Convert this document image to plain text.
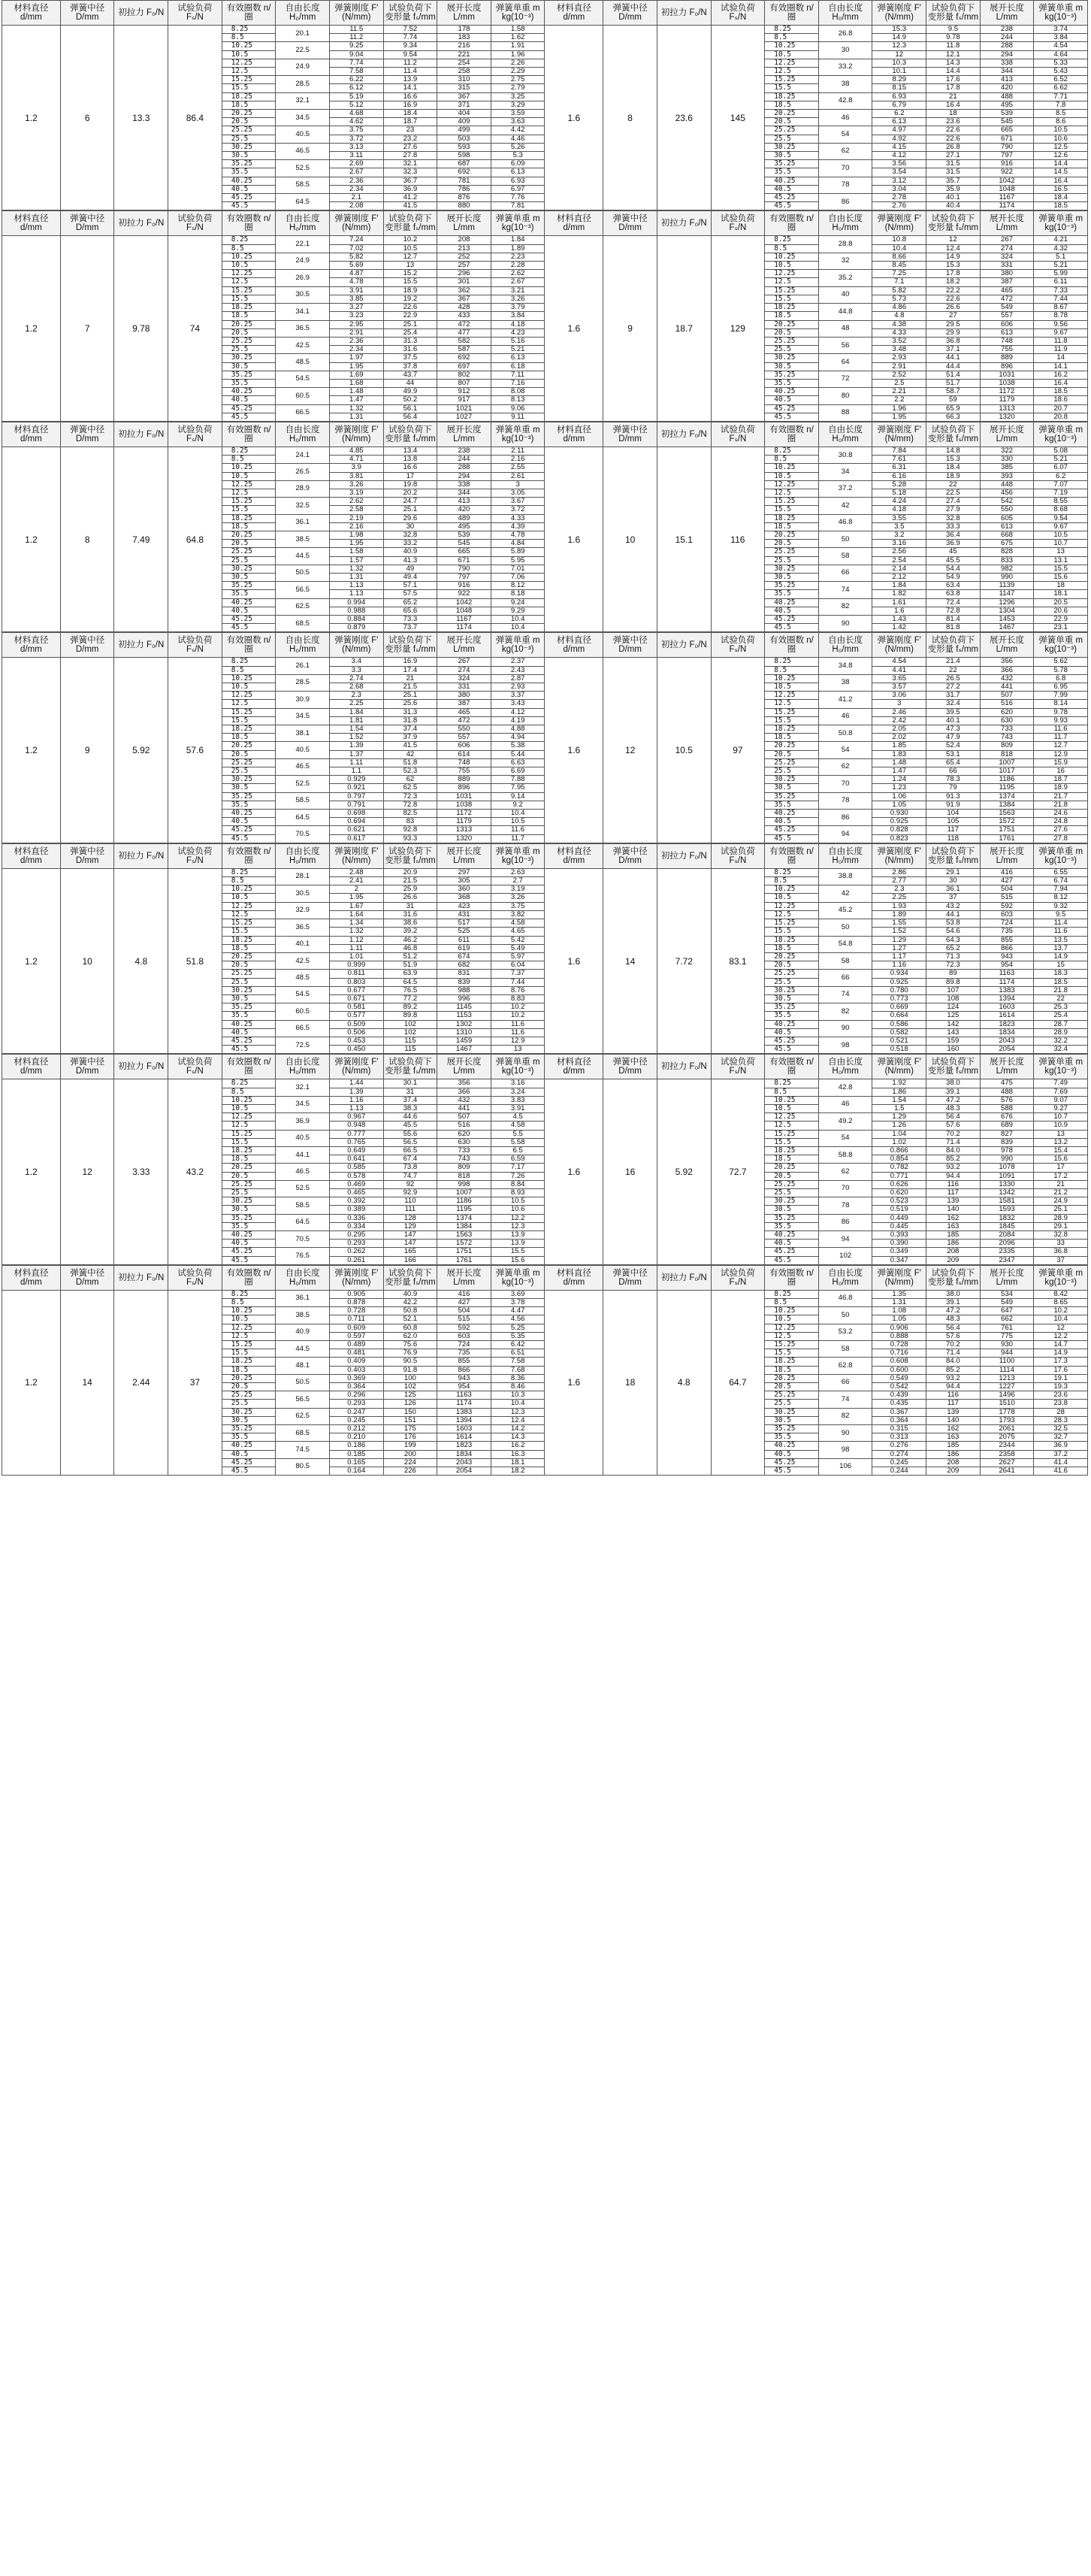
材料直径 d/mm	弹簧中径 D/mm	初拉力 F₀/N	试验负荷 Fₛ/N	有效圈数 n/圈	自由长度 H₀/mm	弹簧刚度 F′(N/mm)	试验负荷下变形量 fₛ/mm	展开长度 L/mm	弹簧单重 m kg(10⁻³)	材料直径 d/mm	弹簧中径 D/mm	初拉力 F₀/N	试验负荷 Fₛ/N	有效圈数 n/圈	自由长度 H₀/mm	弹簧刚度 F′(N/mm)	试验负荷下变形量 fₛ/mm	展开长度 L/mm	弹簧单重 m kg(10⁻³)
1.2	6	13.3	86.4	8.25	20.1	11.5	7.52	178	1.58	1.6	8	23.6	145	8.25	26.8	15.3	9.5	238	3.74
				8.5		11.2	7.74	183	1.62					8.5		14.9	9.78	244	3.84
				10.25	22.5	9.25	9.34	216	1.91					10.25	30	12.3	11.8	288	4.54
				10.5		9.04	9.54	221	1.96					10.5		12	12.1	294	4.64
				12.25	24.9	7.74	11.2	254	2.26					12.25	33.2	10.3	14.3	338	5.33
				12.5		7.58	11.4	258	2.29					12.5		10.1	14.4	344	5.43
				15.25	28.5	6.22	13.9	310	2.75					15.25	38	8.29	17.6	413	6.52
				15.5		6.12	14.1	315	2.79					15.5		8.15	17.8	420	6.62
				18.25	32.1	5.19	16.6	367	3.25					18.25	42.8	6.93	21	488	7.71
				18.5		5.12	16.9	371	3.29					18.5		6.79	16.4	495	7.8
				20.25	34.5	4.68	18.4	404	3.59					20.25	46	6.2	18	539	8.5
				20.5		4.62	18.7	409	3.63					20.5		6.13	23.6	545	8.6
				25.25	40.5	3.75	23	499	4.42					25.25	54	4.97	22.6	665	10.5
				25.5		3.72	23.2	503	4.46					25.5		4.92	22.6	671	10.6
				30.25	46.5	3.13	27.6	593	5.26					30.25	62	4.15	26.8	790	12.5
				30.5		3.11	27.8	598	5.3					30.5		4.12	27.1	797	12.6
				35.25	52.5	2.69	32.1	687	6.09					35.25	70	3.56	31.5	916	14.4
				35.5		2.67	32.3	692	6.13					35.5		3.54	31.5	922	14.5
				40.25	58.5	2.36	36.7	781	6.93					40.25	78	3.12	35.7	1042	16.4
				40.5		2.34	36.9	786	6.97					40.5		3.04	35.9	1048	16.5
				45.25	64.5	2.1	41.2	876	7.76					45.25	86	2.78	40.1	1167	18.4
				45.5		2.08	41.5	880	7.81					45.5		2.76	40.4	1174	18.5
材料直径 d/mm	弹簧中径 D/mm	初拉力 F₀/N	试验负荷 Fₛ/N	有效圈数 n/圈	自由长度 H₀/mm	弹簧刚度 F′(N/mm)	试验负荷下变形量 fₛ/mm	展开长度 L/mm	弹簧单重 m kg(10⁻³)	材料直径 d/mm	弹簧中径 D/mm	初拉力 F₀/N	试验负荷 Fₛ/N	有效圈数 n/圈	自由长度 H₀/mm	弹簧刚度 F′(N/mm)	试验负荷下变形量 fₛ/mm	展开长度 L/mm	弹簧单重 m kg(10⁻³)
1.2	7	9.78	74	8.25	22.1	7.24	10.2	208	1.84	1.6	9	18.7	129	8.25	28.8	10.8	12	267	4.21
				8.5		7.02	10.5	213	1.89					8.5		10.4	12.4	274	4.32
				10.25	24.9	5.82	12.7	252	2.23					10.25	32	8.66	14.9	324	5.1
				10.5		5.69	13	257	2.28					10.5		8.45	15.3	331	5.21
				12.25	26.9	4.87	15.2	296	2.62					12.25	35.2	7.25	17.8	380	5.99
				12.5		4.78	15.5	301	2.67					12.5		7.1	18.2	387	6.11
				15.25	30.5	3.91	18.9	362	3.21					15.25	40	5.82	22.2	465	7.33
				15.5		3.85	19.2	367	3.26					15.5		5.73	22.6	472	7.44
				18.25	34.1	3.27	22.6	428	3.79					18.25	44.8	4.86	26.6	549	8.67
				18.5		3.23	22.9	433	3.84					18.5		4.8	27	557	8.78
				20.25	36.5	2.95	25.1	472	4.18					20.25	48	4.38	29.5	606	9.56
				20.5		2.91	25.4	477	4.23					20.5		4.33	29.9	613	9.67
				25.25	42.5	2.36	31.3	582	5.16					25.25	56	3.52	36.8	748	11.8
				25.5		2.34	31.6	587	5.21					25.5		3.48	37.1	755	11.9
				30.25	48.5	1.97	37.5	692	6.13					30.25	64	2.93	44.1	889	14
				30.5		1.95	37.8	697	6.18					30.5		2.91	44.4	896	14.1
				35.25	54.5	1.69	43.7	802	7.11					35.25	72	2.52	51.4	1031	16.2
				35.5		1.68	44	807	7.16					35.5		2.5	51.7	1038	16.4
				40.25	60.5	1.48	49.9	912	8.08					40.25	80	2.21	58.7	1172	18.5
				40.5		1.47	50.2	917	8.13					40.5		2.2	59	1179	18.6
				45.25	66.5	1.32	56.1	1021	9.06					45.25	88	1.96	65.9	1313	20.7
				45.5		1.31	56.4	1027	9.11					45.5		1.95	66.3	1320	20.8
材料直径 d/mm	弹簧中径 D/mm	初拉力 F₀/N	试验负荷 Fₛ/N	有效圈数 n/圈	自由长度 H₀/mm	弹簧刚度 F′(N/mm)	试验负荷下变形量 fₛ/mm	展开长度 L/mm	弹簧单重 m kg(10⁻³)	材料直径 d/mm	弹簧中径 D/mm	初拉力 F₀/N	试验负荷 Fₛ/N	有效圈数 n/圈	自由长度 H₀/mm	弹簧刚度 F′(N/mm)	试验负荷下变形量 fₛ/mm	展开长度 L/mm	弹簧单重 m kg(10⁻³)
1.2	8	7.49	64.8	8.25	24.1	4.85	13.4	238	2.11	1.6	10	15.1	116	8.25	30.8	7.84	14.8	322	5.08
				8.5		4.71	13.8	244	2.16					8.5		7.61	15.3	330	5.21
				10.25	26.5	3.9	16.6	288	2.55					10.25	34	6.31	18.4	385	6.07
				10.5		3.81	17	294	2.61					10.5		6.16	18.9	393	6.2
				12.25	28.9	3.26	19.8	338	3					12.25	37.2	5.28	22	448	7.07
				12.5		3.19	20.2	344	3.05					12.5		5.18	22.5	456	7.19
				15.25	32.5	2.62	24.7	413	3.67					15.25	42	4.24	27.4	542	8.55
				15.5		2.58	25.1	420	3.72					15.5		4.18	27.9	550	8.68
				18.25	36.1	2.19	29.6	489	4.33					18.25	46.8	3.55	32.8	605	9.54
				18.5		2.16	30	495	4.39					18.5		3.5	33.3	613	9.67
				20.25	38.5	1.98	32.8	539	4.78					20.25	50	3.2	36.4	668	10.5
				20.5		1.95	33.2	545	4.84					20.5		3.16	36.9	675	10.7
				25.25	44.5	1.58	40.9	665	5.89					25.25	58	2.56	45	828	13
				25.5		1.57	41.3	671	5.95					25.5		2.54	45.5	833	13.1
				30.25	50.5	1.32	49	790	7.01					30.25	66	2.14	54.4	982	15.5
				30.5		1.31	49.4	797	7.06					30.5		2.12	54.9	990	15.6
				35.25	56.5	1.13	57.1	916	8.12					35.25	74	1.84	63.4	1139	18
				35.5		1.13	57.5	922	8.18					35.5		1.82	63.8	1147	18.1
				40.25	62.5	0.994	65.2	1042	9.24					40.25	82	1.61	72.4	1296	20.5
				40.5		0.988	65.6	1048	9.29					40.5		1.6	72.8	1304	20.6
				45.25	68.5	0.884	73.3	1167	10.4					45.25	90	1.43	81.4	1453	22.9
				45.5		0.879	73.7	1174	10.4					45.5		1.42	81.8	1467	23.1
材料直径 d/mm	弹簧中径 D/mm	初拉力 F₀/N	试验负荷 Fₛ/N	有效圈数 n/圈	自由长度 H₀/mm	弹簧刚度 F′(N/mm)	试验负荷下变形量 fₛ/mm	展开长度 L/mm	弹簧单重 m kg(10⁻³)	材料直径 d/mm	弹簧中径 D/mm	初拉力 F₀/N	试验负荷 Fₛ/N	有效圈数 n/圈	自由长度 H₀/mm	弹簧刚度 F′(N/mm)	试验负荷下变形量 fₛ/mm	展开长度 L/mm	弹簧单重 m kg(10⁻³)
1.2	9	5.92	57.6	8.25	26.1	3.4	16.9	267	2.37	1.6	12	10.5	97	8.25	34.8	4.54	21.4	356	5.62
				8.5		3.3	17.4	274	2.43					8.5		4.41	22	366	5.78
				10.25	28.5	2.74	21	324	2.87					10.25	38	3.65	26.5	432	6.8
				10.5		2.68	21.5	331	2.93					10.5		3.57	27.2	441	6.95
				12.25	30.9	2.3	25.1	380	3.37					12.25	41.2	3.06	31.7	507	7.99
				12.5		2.25	25.6	387	3.43					12.5		3	32.4	516	8.14
				15.25	34.5	1.84	31.3	465	4.12					15.25	46	2.46	39.5	620	9.78
				15.5		1.81	31.8	472	4.19					15.5		2.42	40.1	630	9.93
				18.25	38.1	1.54	37.4	550	4.88					18.25	50.8	2.05	47.3	733	11.6
				18.5		1.52	37.9	557	4.94					18.5		2.02	47.9	743	11.7
				20.25	40.5	1.39	41.5	606	5.38					20.25	54	1.85	52.4	809	12.7
				20.5		1.37	42	614	5.44					20.5		1.83	53.1	818	12.9
				25.25	46.5	1.11	51.8	748	6.63					25.25	62	1.48	65.4	1007	15.9
				25.5		1.1	52.3	755	6.69					25.5		1.47	66	1017	16
				30.25	52.5	0.929	62	889	7.88					30.25	70	1.24	78.3	1186	18.7
				30.5		0.921	62.5	896	7.95					30.5		1.23	79	1195	18.9
				35.25	58.5	0.797	72.3	1031	9.14					35.25	78	1.06	91.3	1374	21.7
				35.5		0.791	72.8	1038	9.2					35.5		1.05	91.9	1384	21.8
				40.25	64.5	0.698	82.5	1172	10.4					40.25	86	0.930	104	1563	24.6
				40.5		0.694	83	1179	10.5					40.5		0.925	105	1572	24.8
				45.25	70.5	0.621	92.8	1313	11.6					45.25	94	0.828	117	1751	27.6
				45.5		0.617	93.3	1320	11.7					45.5		0.823	118	1761	27.8
材料直径 d/mm	弹簧中径 D/mm	初拉力 F₀/N	试验负荷 Fₛ/N	有效圈数 n/圈	自由长度 H₀/mm	弹簧刚度 F′(N/mm)	试验负荷下变形量 fₛ/mm	展开长度 L/mm	弹簧单重 m kg(10⁻³)	材料直径 d/mm	弹簧中径 D/mm	初拉力 F₀/N	试验负荷 Fₛ/N	有效圈数 n/圈	自由长度 H₀/mm	弹簧刚度 F′(N/mm)	试验负荷下变形量 fₛ/mm	展开长度 L/mm	弹簧单重 m kg(10⁻³)
1.2	10	4.8	51.8	8.25	28.1	2.48	20.9	297	2.63	1.6	14	7.72	83.1	8.25	38.8	2.86	29.1	416	6.55
				8.5		2.41	21.5	305	2.7					8.5		2.77	30	427	6.74
				10.25	30.5	2	25.9	360	3.19					10.25	42	2.3	36.1	504	7.94
				10.5		1.95	26.6	368	3.26					10.5		2.25	37	515	8.12
				12.25	32.9	1.67	31	423	3.75					12.25	45.2	1.93	43.2	592	9.32
				12.5		1.64	31.6	431	3.82					12.5		1.89	44.1	603	9.5
				15.25	36.5	1.34	38.6	517	4.58					15.25	50	1.55	53.8	724	11.4
				15.5		1.32	39.2	525	4.65					15.5		1.52	54.6	735	11.6
				18.25	40.1	1.12	46.2	611	5.42					18.25	54.8	1.29	64.3	855	13.5
				18.5		1.11	46.8	619	5.49					18.5		1.27	65.2	866	13.7
				20.25	42.5	1.01	51.2	674	5.97					20.25	58	1.17	71.3	943	14.9
				20.5		0.999	51.9	682	6.04					20.5		1.16	72.3	954	15
				25.25	48.5	0.811	63.9	831	7.37					25.25	66	0.934	89	1163	18.3
				25.5		0.803	64.5	839	7.44					25.5		0.925	89.8	1174	18.5
				30.25	54.5	0.677	76.5	988	8.76					30.25	74	0.780	107	1383	21.8
				30.5		0.671	77.2	996	8.83					30.5		0.773	108	1394	22
				35.25	60.5	0.581	89.2	1145	10.2					35.25	82	0.669	124	1603	25.3
				35.5		0.577	89.8	1153	10.2					35.5		0.664	125	1614	25.4
				40.25	66.5	0.509	102	1302	11.6					40.25	90	0.586	142	1823	28.7
				40.5		0.506	102	1310	11.6					40.5		0.582	143	1834	28.9
				45.25	72.5	0.453	115	1459	12.9					45.25	98	0.521	159	2043	32.2
				45.5		0.450	115	1467	13					45.5		0.518	160	2054	32.4
材料直径 d/mm	弹簧中径 D/mm	初拉力 F₀/N	试验负荷 Fₛ/N	有效圈数 n/圈	自由长度 H₀/mm	弹簧刚度 F′(N/mm)	试验负荷下变形量 fₛ/mm	展开长度 L/mm	弹簧单重 m kg(10⁻³)	材料直径 d/mm	弹簧中径 D/mm	初拉力 F₀/N	试验负荷 Fₛ/N	有效圈数 n/圈	自由长度 H₀/mm	弹簧刚度 F′(N/mm)	试验负荷下变形量 fₛ/mm	展开长度 L/mm	弹簧单重 m kg(10⁻³)
1.2	12	3.33	43.2	8.25	32.1	1.44	30.1	356	3.16	1.6	16	5.92	72.7	8.25	42.8	1.92	38.0	475	7.49
				8.5		1.39	31	366	3.24					8.5		1.86	39.1	488	7.69
				10.25	34.5	1.16	37.4	432	3.83					10.25	46	1.54	47.2	576	9.07
				10.5		1.13	38.3	441	3.91					10.5		1.5	48.3	588	9.27
				12.25	36.9	0.967	44.6	507	4.5					12.25	49.2	1.29	56.4	676	10.7
				12.5		0.948	45.5	516	4.58					12.5		1.26	57.6	689	10.9
				15.25	40.5	0.777	55.6	620	5.5					15.25	54	1.04	70.2	827	13
				15.5		0.765	56.5	630	5.58					15.5		1.02	71.4	839	13.2
				18.25	44.1	0.649	66.5	733	6.5					18.25	58.8	0.866	84.0	978	15.4
				18.5		0.641	67.4	743	6.59					18.5		0.854	85.2	990	15.6
				20.25	46.5	0.585	73.8	809	7.17					20.25	62	0.782	93.2	1078	17
				20.5		0.578	74.7	818	7.26					20.5		0.771	94.4	1091	17.2
				25.25	52.5	0.469	92	998	8.84					25.25	70	0.626	116	1330	21
				25.5		0.465	92.9	1007	8.93					25.5		0.620	117	1342	21.2
				30.25	58.5	0.392	110	1186	10.5					30.25	78	0.523	139	1581	24.9
				30.5		0.389	111	1195	10.6					30.5		0.519	140	1593	25.1
				35.25	64.5	0.336	128	1374	12.2					35.25	86	0.449	162	1832	28.9
				35.5		0.334	129	1384	12.3					35.5		0.445	163	1845	29.1
				40.25	70.5	0.295	147	1563	13.9					40.25	94	0.393	185	2084	32.8
				40.5		0.293	147	1572	13.9					40.5		0.390	186	2096	33
				45.25	76.5	0.262	165	1751	15.5					45.25	102	0.349	208	2335	36.8
				45.5		0.261	166	1761	15.6					45.5		0.347	209	2347	37
材料直径 d/mm	弹簧中径 D/mm	初拉力 F₀/N	试验负荷 Fₛ/N	有效圈数 n/圈	自由长度 H₀/mm	弹簧刚度 F′(N/mm)	试验负荷下变形量 fₛ/mm	展开长度 L/mm	弹簧单重 m kg(10⁻³)	材料直径 d/mm	弹簧中径 D/mm	初拉力 F₀/N	试验负荷 Fₛ/N	有效圈数 n/圈	自由长度 H₀/mm	弹簧刚度 F′(N/mm)	试验负荷下变形量 fₛ/mm	展开长度 L/mm	弹簧单重 m kg(10⁻³)
1.2	14	2.44	37	8.25	36.1	0.905	40.9	416	3.69	1.6	18	4.8	64.7	8.25	46.8	1.35	38.0	534	8.42
				8.5		0.878	42.2	427	3.78					8.5		1.31	39.1	549	8.65
				10.25	38.5	0.728	50.8	504	4.47					10.25	50	1.08	47.2	647	10.2
				10.5		0.711	52.1	515	4.56					10.5		1.05	48.3	662	10.4
				12.25	40.9	0.609	60.8	592	5.25					12.25	53.2	0.906	56.4	761	12
				12.5		0.597	62.0	603	5.35					12.5		0.888	57.6	775	12.2
				15.25	44.5	0.489	75.6	724	6.42					15.25	58	0.728	70.2	930	14.7
				15.5		0.481	76.9	735	6.51					15.5		0.716	71.4	944	14.9
				18.25	48.1	0.409	90.5	855	7.58					18.25	62.8	0.608	84.0	1100	17.3
				18.5		0.403	91.8	866	7.68					18.5		0.600	85.2	1114	17.6
				20.25	50.5	0.369	100	943	8.36					20.25	66	0.549	93.2	1213	19.1
				20.5		0.364	102	954	8.46					20.5		0.542	94.4	1227	19.3
				25.25	56.5	0.296	125	1163	10.3					25.25	74	0.439	116	1496	23.6
				25.5		0.293	126	1174	10.4					25.5		0.435	117	1510	23.8
				30.25	62.5	0.247	150	1383	12.3					30.25	82	0.367	139	1778	28
				30.5		0.245	151	1394	12.4					30.5		0.364	140	1793	28.3
				35.25	68.5	0.212	175	1603	14.2					35.25	90	0.315	162	2061	32.5
				35.5		0.210	176	1614	14.3					35.5		0.313	163	2075	32.7
				40.25	74.5	0.186	199	1823	16.2					40.25	98	0.276	185	2344	36.9
				40.5		0.185	200	1834	16.3					40.5		0.274	186	2358	37.2
				45.25	80.5	0.165	224	2043	18.1					45.25	106	0.245	208	2627	41.4
				45.5		0.164	226	2054	18.2					45.5		0.244	209	2641	41.6
